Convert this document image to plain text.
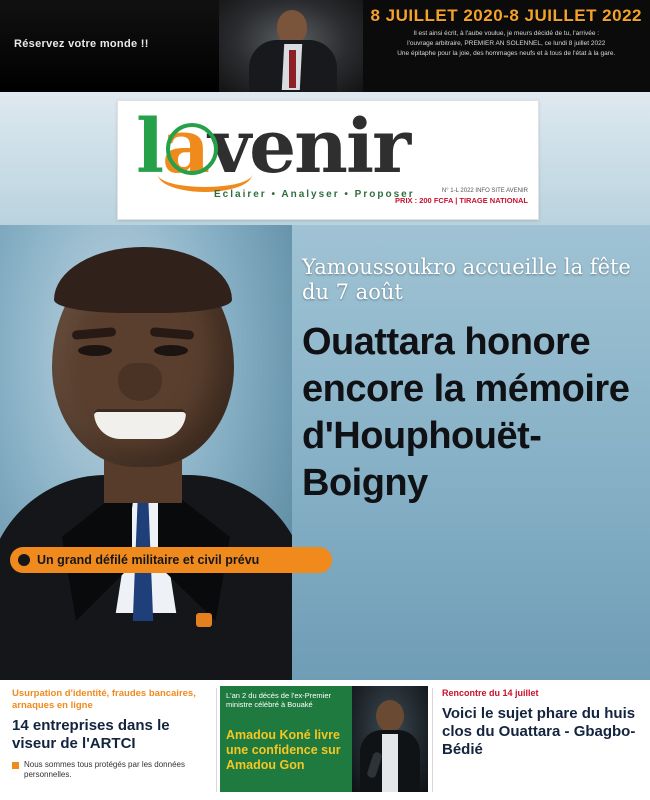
Réservez votre monde !!
8 JUILLET 2020-8 JUILLET 2022
Il est ainsi écrit, à l'aube voulue, je meurs décidé de tu, l'arrivée :
l'ouvrage arbitraire, PREMIER AN SOLENNEL, ce lundi 8 juillet 2022
Une épitaphe pour la joie, des hommages neufs et à tous de l'état à la gare.
lavenir
Eclairer • Analyser • Proposer	N° 1-L 2022 INFO SITE AVENIR
PRIX : 200 FCFA | TIRAGE NATIONAL
Yamoussoukro accueille la fête du 7 août
Ouattara honore
encore la mémoire
d'Houphouët-Boigny
Un grand défilé militaire et civil prévu
Usurpation d'identité, fraudes bancaires, arnaques en ligne
14 entreprises dans le viseur de l'ARTCI
Nous sommes tous protégés par les données personnelles.
L'an 2 du décès de l'ex-Premier ministre célébré à Bouaké
Amadou Koné livre une confidence sur Amadou Gon
Rencontre du 14 juillet
Voici le sujet phare du huis clos du Ouattara - Gbagbo-Bédié
